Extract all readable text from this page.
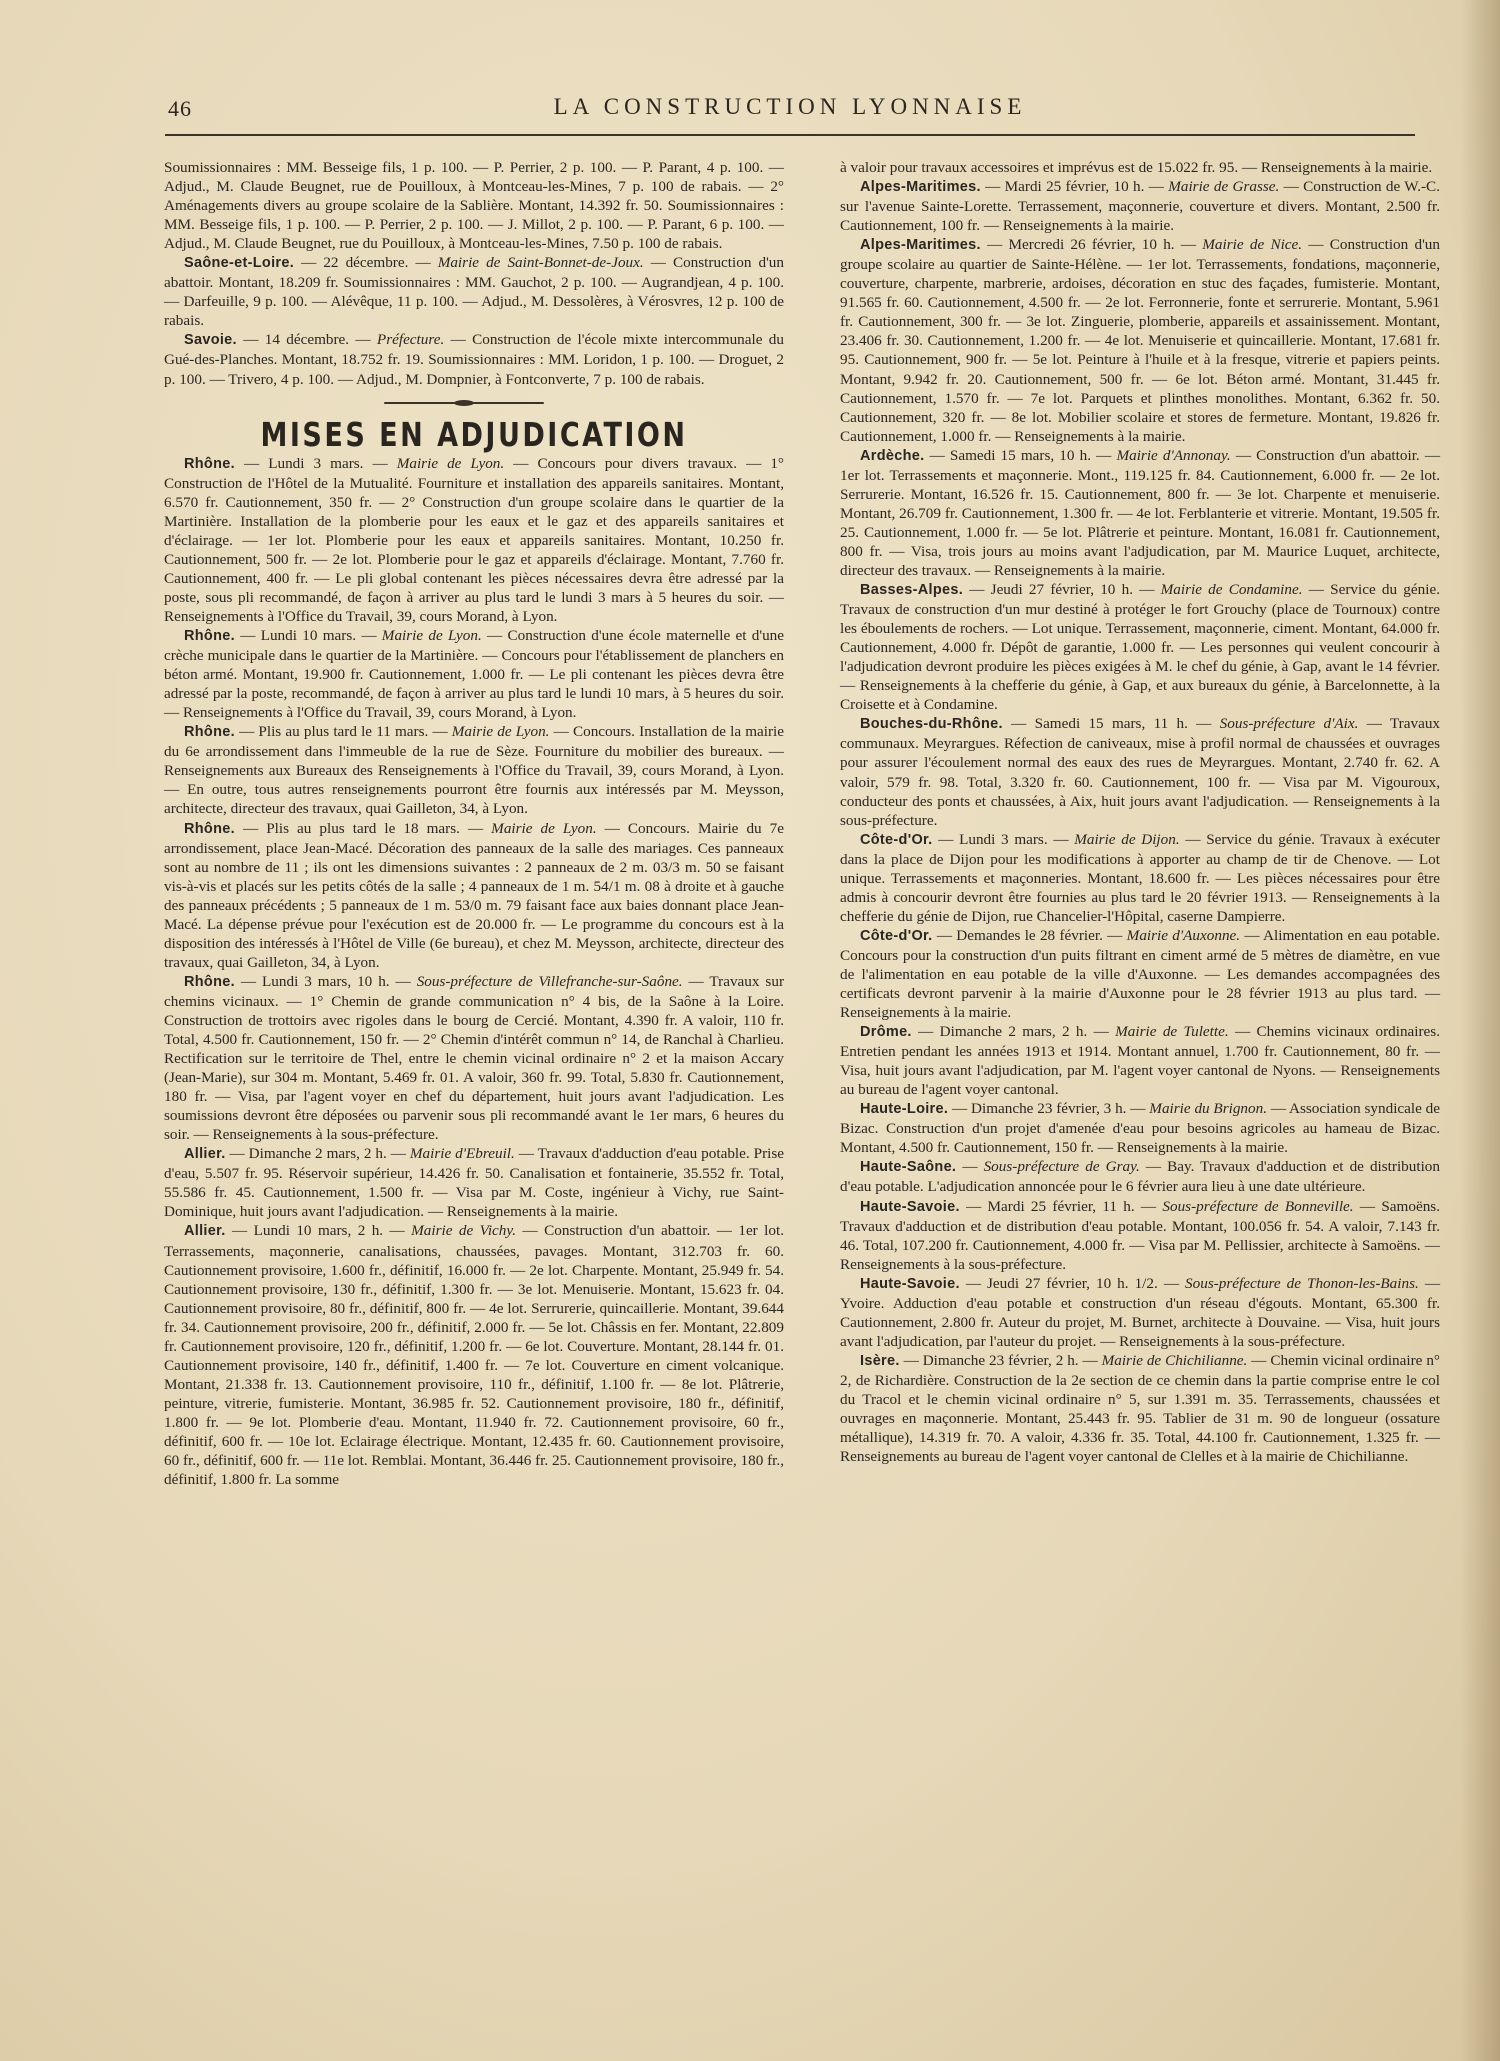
46	LA CONSTRUCTION LYONNAISE

Soumissionnaires : MM. Besseige fils, 1 p. 100. — P. Perrier, 2 p. 100. — P. Parant, 4 p. 100. — Adjud., M. Claude Beugnet, rue de Pouilloux, à Montceau-les-Mines, 7 p. 100 de rabais. — 2° Aménagements divers au groupe scolaire de la Sablière. Montant, 14.392 fr. 50. Soumissionnaires : MM. Besseige fils, 1 p. 100. — P. Perrier, 2 p. 100. — J. Millot, 2 p. 100. — P. Parant, 6 p. 100. — Adjud., M. Claude Beugnet, rue du Pouilloux, à Montceau-les-Mines, 7.50 p. 100 de rabais.

Saône-et-Loire. — 22 décembre. — Mairie de Saint-Bonnet-de-Joux. — Construction d'un abattoir. Montant, 18.209 fr. Soumissionnaires : MM. Gauchot, 2 p. 100. — Augrandjean, 4 p. 100. — Darfeuille, 9 p. 100. — Alévêque, 11 p. 100. — Adjud., M. Dessolères, à Vérosvres, 12 p. 100 de rabais.

Savoie. — 14 décembre. — Préfecture. — Construction de l'école mixte intercommunale du Gué-des-Planches. Montant, 18.752 fr. 19. Soumissionnaires : MM. Loridon, 1 p. 100. — Droguet, 2 p. 100. — Trivero, 4 p. 100. — Adjud., M. Dompnier, à Fontconverte, 7 p. 100 de rabais.

MISES EN ADJUDICATION

Rhône. — Lundi 3 mars. — Mairie de Lyon. — Concours pour divers travaux. — 1° Construction de l'Hôtel de la Mutualité. Fourniture et installation des appareils sanitaires. Montant, 6.570 fr. Cautionnement, 350 fr. — 2° Construction d'un groupe scolaire dans le quartier de la Martinière. Installation de la plomberie pour les eaux et le gaz et des appareils sanitaires et d'éclairage. — 1er lot. Plomberie pour les eaux et appareils sanitaires. Montant, 10.250 fr. Cautionnement, 500 fr. — 2e lot. Plomberie pour le gaz et appareils d'éclairage. Montant, 7.760 fr. Cautionnement, 400 fr. — Le pli global contenant les pièces nécessaires devra être adressé par la poste, sous pli recommandé, de façon à arriver au plus tard le lundi 3 mars à 5 heures du soir. — Renseignements à l'Office du Travail, 39, cours Morand, à Lyon.

Rhône. — Lundi 10 mars. — Mairie de Lyon. — Construction d'une école maternelle et d'une crèche municipale dans le quartier de la Martinière. — Concours pour l'établissement de planchers en béton armé. Montant, 19.900 fr. Cautionnement, 1.000 fr. — Le pli contenant les pièces devra être adressé par la poste, recommandé, de façon à arriver au plus tard le lundi 10 mars, à 5 heures du soir. — Renseignements à l'Office du Travail, 39, cours Morand, à Lyon.

Rhône. — Plis au plus tard le 11 mars. — Mairie de Lyon. — Concours. Installation de la mairie du 6e arrondissement dans l'immeuble de la rue de Sèze. Fourniture du mobilier des bureaux. — Renseignements aux Bureaux des Renseignements à l'Office du Travail, 39, cours Morand, à Lyon. — En outre, tous autres renseignements pourront être fournis aux intéressés par M. Meysson, architecte, directeur des travaux, quai Gailleton, 34, à Lyon.

Rhône. — Plis au plus tard le 18 mars. — Mairie de Lyon. — Concours. Mairie du 7e arrondissement, place Jean-Macé. Décoration des panneaux de la salle des mariages. Ces panneaux sont au nombre de 11 ; ils ont les dimensions suivantes : 2 panneaux de 2 m. 03/3 m. 50 se faisant vis-à-vis et placés sur les petits côtés de la salle ; 4 panneaux de 1 m. 54/1 m. 08 à droite et à gauche des panneaux précédents ; 5 panneaux de 1 m. 53/0 m. 79 faisant face aux baies donnant place Jean-Macé. La dépense prévue pour l'exécution est de 20.000 fr. — Le programme du concours est à la disposition des intéressés à l'Hôtel de Ville (6e bureau), et chez M. Meysson, architecte, directeur des travaux, quai Gailleton, 34, à Lyon.

Rhône. — Lundi 3 mars, 10 h. — Sous-préfecture de Villefranche-sur-Saône. — Travaux sur chemins vicinaux. — 1° Chemin de grande communication n° 4 bis, de la Saône à la Loire. Construction de trottoirs avec rigoles dans le bourg de Cercié. Montant, 4.390 fr. A valoir, 110 fr. Total, 4.500 fr. Cautionnement, 150 fr. — 2° Chemin d'intérêt commun n° 14, de Ranchal à Charlieu. Rectification sur le territoire de Thel, entre le chemin vicinal ordinaire n° 2 et la maison Accary (Jean-Marie), sur 304 m. Montant, 5.469 fr. 01. A valoir, 360 fr. 99. Total, 5.830 fr. Cautionnement, 180 fr. — Visa, par l'agent voyer en chef du département, huit jours avant l'adjudication. Les soumissions devront être déposées ou parvenir sous pli recommandé avant le 1er mars, 6 heures du soir. — Renseignements à la sous-préfecture.

Allier. — Dimanche 2 mars, 2 h. — Mairie d'Ebreuil. — Travaux d'adduction d'eau potable. Prise d'eau, 5.507 fr. 95. Réservoir supérieur, 14.426 fr. 50. Canalisation et fontainerie, 35.552 fr. Total, 55.586 fr. 45. Cautionnement, 1.500 fr. — Visa par M. Coste, ingénieur à Vichy, rue Saint-Dominique, huit jours avant l'adjudication. — Renseignements à la mairie.

Allier. — Lundi 10 mars, 2 h. — Mairie de Vichy. — Construction d'un abattoir. — 1er lot. Terrassements, maçonnerie, canalisations, chaussées, pavages. Montant, 312.703 fr. 60. Cautionnement provisoire, 1.600 fr., définitif, 16.000 fr. — 2e lot. Charpente. Montant, 25.949 fr. 54. Cautionnement provisoire, 130 fr., définitif, 1.300 fr. — 3e lot. Menuiserie. Montant, 15.623 fr. 04. Cautionnement provisoire, 80 fr., définitif, 800 fr. — 4e lot. Serrurerie, quincaillerie. Montant, 39.644 fr. 34. Cautionnement provisoire, 200 fr., définitif, 2.000 fr. — 5e lot. Châssis en fer. Montant, 22.809 fr. Cautionnement provisoire, 120 fr., définitif, 1.200 fr. — 6e lot. Couverture. Montant, 28.144 fr. 01. Cautionnement provisoire, 140 fr., définitif, 1.400 fr. — 7e lot. Couverture en ciment volcanique. Montant, 21.338 fr. 13. Cautionnement provisoire, 110 fr., définitif, 1.100 fr. — 8e lot. Plâtrerie, peinture, vitrerie, fumisterie. Montant, 36.985 fr. 52. Cautionnement provisoire, 180 fr., définitif, 1.800 fr. — 9e lot. Plomberie d'eau. Montant, 11.940 fr. 72. Cautionnement provisoire, 60 fr., définitif, 600 fr. — 10e lot. Eclairage électrique. Montant, 12.435 fr. 60. Cautionnement provisoire, 60 fr., définitif, 600 fr. — 11e lot. Remblai. Montant, 36.446 fr. 25. Cautionnement provisoire, 180 fr., définitif, 1.800 fr. La somme

à valoir pour travaux accessoires et imprévus est de 15.022 fr. 95. — Renseignements à la mairie.

Alpes-Maritimes. — Mardi 25 février, 10 h. — Mairie de Grasse. — Construction de W.-C. sur l'avenue Sainte-Lorette. Terrassement, maçonnerie, couverture et divers. Montant, 2.500 fr. Cautionnement, 100 fr. — Renseignements à la mairie.

Alpes-Maritimes. — Mercredi 26 février, 10 h. — Mairie de Nice. — Construction d'un groupe scolaire au quartier de Sainte-Hélène. — 1er lot. Terrassements, fondations, maçonnerie, couverture, charpente, marbrerie, ardoises, décoration en stuc des façades, fumisterie. Montant, 91.565 fr. 60. Cautionnement, 4.500 fr. — 2e lot. Ferronnerie, fonte et serrurerie. Montant, 5.961 fr. Cautionnement, 300 fr. — 3e lot. Zinguerie, plomberie, appareils et assainissement. Montant, 23.406 fr. 30. Cautionnement, 1.200 fr. — 4e lot. Menuiserie et quincaillerie. Montant, 17.681 fr. 95. Cautionnement, 900 fr. — 5e lot. Peinture à l'huile et à la fresque, vitrerie et papiers peints. Montant, 9.942 fr. 20. Cautionnement, 500 fr. — 6e lot. Béton armé. Montant, 31.445 fr. Cautionnement, 1.570 fr. — 7e lot. Parquets et plinthes monolithes. Montant, 6.362 fr. 50. Cautionnement, 320 fr. — 8e lot. Mobilier scolaire et stores de fermeture. Montant, 19.826 fr. Cautionnement, 1.000 fr. — Renseignements à la mairie.

Ardèche. — Samedi 15 mars, 10 h. — Mairie d'Annonay. — Construction d'un abattoir. — 1er lot. Terrassements et maçonnerie. Mont., 119.125 fr. 84. Cautionnement, 6.000 fr. — 2e lot. Serrurerie. Montant, 16.526 fr. 15. Cautionnement, 800 fr. — 3e lot. Charpente et menuiserie. Montant, 26.709 fr. Cautionnement, 1.300 fr. — 4e lot. Ferblanterie et vitrerie. Montant, 19.505 fr. 25. Cautionnement, 1.000 fr. — 5e lot. Plâtrerie et peinture. Montant, 16.081 fr. Cautionnement, 800 fr. — Visa, trois jours au moins avant l'adjudication, par M. Maurice Luquet, architecte, directeur des travaux. — Renseignements à la mairie.

Basses-Alpes. — Jeudi 27 février, 10 h. — Mairie de Condamine. — Service du génie. Travaux de construction d'un mur destiné à protéger le fort Grouchy (place de Tournoux) contre les éboulements de rochers. — Lot unique. Terrassement, maçonnerie, ciment. Montant, 64.000 fr. Cautionnement, 4.000 fr. Dépôt de garantie, 1.000 fr. — Les personnes qui veulent concourir à l'adjudication devront produire les pièces exigées à M. le chef du génie, à Gap, avant le 14 février. — Renseignements à la chefferie du génie, à Gap, et aux bureaux du génie, à Barcelonnette, à la Croisette et à Condamine.

Bouches-du-Rhône. — Samedi 15 mars, 11 h. — Sous-préfecture d'Aix. — Travaux communaux. Meyrargues. Réfection de caniveaux, mise à profil normal de chaussées et ouvrages pour assurer l'écoulement normal des eaux des rues de Meyrargues. Montant, 2.740 fr. 62. A valoir, 579 fr. 98. Total, 3.320 fr. 60. Cautionnement, 100 fr. — Visa par M. Vigouroux, conducteur des ponts et chaussées, à Aix, huit jours avant l'adjudication. — Renseignements à la sous-préfecture.

Côte-d'Or. — Lundi 3 mars. — Mairie de Dijon. — Service du génie. Travaux à exécuter dans la place de Dijon pour les modifications à apporter au champ de tir de Chenove. — Lot unique. Terrassements et maçonneries. Montant, 18.600 fr. — Les pièces nécessaires pour être admis à concourir devront être fournies au plus tard le 20 février 1913. — Renseignements à la chefferie du génie de Dijon, rue Chancelier-l'Hôpital, caserne Dampierre.

Côte-d'Or. — Demandes le 28 février. — Mairie d'Auxonne. — Alimentation en eau potable. Concours pour la construction d'un puits filtrant en ciment armé de 5 mètres de diamètre, en vue de l'alimentation en eau potable de la ville d'Auxonne. — Les demandes accompagnées des certificats devront parvenir à la mairie d'Auxonne pour le 28 février 1913 au plus tard. — Renseignements à la mairie.

Drôme. — Dimanche 2 mars, 2 h. — Mairie de Tulette. — Chemins vicinaux ordinaires. Entretien pendant les années 1913 et 1914. Montant annuel, 1.700 fr. Cautionnement, 80 fr. — Visa, huit jours avant l'adjudication, par M. l'agent voyer cantonal de Nyons. — Renseignements au bureau de l'agent voyer cantonal.

Haute-Loire. — Dimanche 23 février, 3 h. — Mairie du Brignon. — Association syndicale de Bizac. Construction d'un projet d'amenée d'eau pour besoins agricoles au hameau de Bizac. Montant, 4.500 fr. Cautionnement, 150 fr. — Renseignements à la mairie.

Haute-Saône. — Sous-préfecture de Gray. — Bay. Travaux d'adduction et de distribution d'eau potable. L'adjudication annoncée pour le 6 février aura lieu à une date ultérieure.

Haute-Savoie. — Mardi 25 février, 11 h. — Sous-préfecture de Bonneville. — Samoëns. Travaux d'adduction et de distribution d'eau potable. Montant, 100.056 fr. 54. A valoir, 7.143 fr. 46. Total, 107.200 fr. Cautionnement, 4.000 fr. — Visa par M. Pellissier, architecte à Samoëns. — Renseignements à la sous-préfecture.

Haute-Savoie. — Jeudi 27 février, 10 h. 1/2. — Sous-préfecture de Thonon-les-Bains. — Yvoire. Adduction d'eau potable et construction d'un réseau d'égouts. Montant, 65.300 fr. Cautionnement, 2.800 fr. Auteur du projet, M. Burnet, architecte à Douvaine. — Visa, huit jours avant l'adjudication, par l'auteur du projet. — Renseignements à la sous-préfecture.

Isère. — Dimanche 23 février, 2 h. — Mairie de Chichilianne. — Chemin vicinal ordinaire n° 2, de Richardière. Construction de la 2e section de ce chemin dans la partie comprise entre le col du Tracol et le chemin vicinal ordinaire n° 5, sur 1.391 m. 35. Terrassements, chaussées et ouvrages en maçonnerie. Montant, 25.443 fr. 95. Tablier de 31 m. 90 de longueur (ossature métallique), 14.319 fr. 70. A valoir, 4.336 fr. 35. Total, 44.100 fr. Cautionnement, 1.325 fr. — Renseignements au bureau de l'agent voyer cantonal de Clelles et à la mairie de Chichilianne.
